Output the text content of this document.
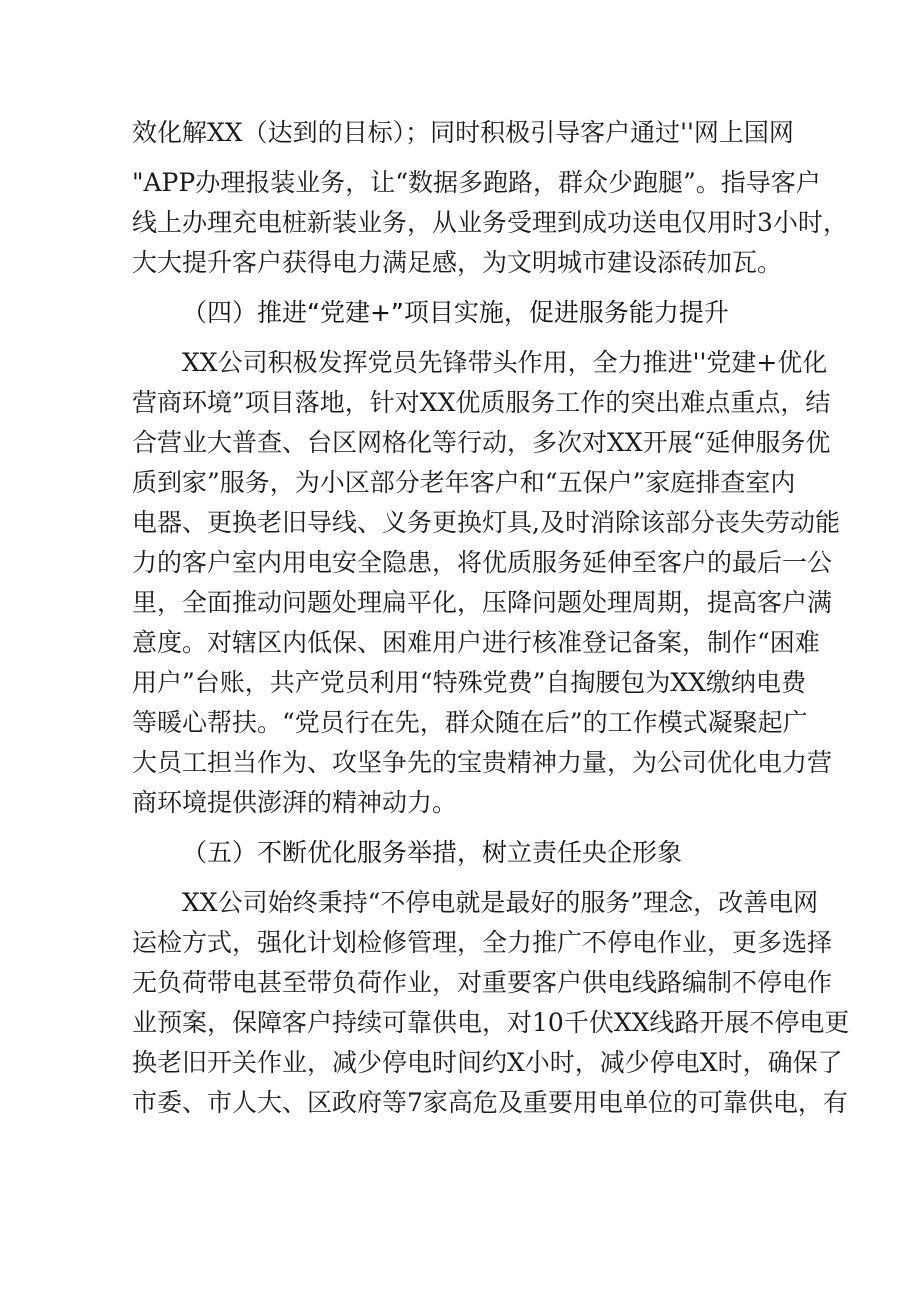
效化解XX（达到的目标）；同时积极引导客户通过''网上国网
"APP办理报装业务，让“数据多跑路，群众少跑腿”。指导客户
线上办理充电桩新装业务，从业务受理到成功送电仅用时3小时，
大大提升客户获得电力满足感，为文明城市建设添砖加瓦。
（四）推进“党建+”项目实施，促进服务能力提升
XX公司积极发挥党员先锋带头作用，全力推进''党建+优化
营商环境”项目落地，针对XX优质服务工作的突出难点重点，结
合营业大普查、台区网格化等行动，多次对XX开展“延伸服务优
质到家”服务，为小区部分老年客户和“五保户”家庭排查室内
电器、更换老旧导线、义务更换灯具,及时消除该部分丧失劳动能
力的客户室内用电安全隐患，将优质服务延伸至客户的最后一公
里，全面推动问题处理扁平化，压降问题处理周期，提高客户满
意度。对辖区内低保、困难用户进行核准登记备案，制作“困难
用户”台账，共产党员利用“特殊党费”自掏腰包为XX缴纳电费
等暖心帮扶。“党员行在先，群众随在后”的工作模式凝聚起广
大员工担当作为、攻坚争先的宝贵精神力量，为公司优化电力营
商环境提供澎湃的精神动力。
（五）不断优化服务举措，树立责任央企形象
XX公司始终秉持“不停电就是最好的服务”理念，改善电网
运检方式，强化计划检修管理，全力推广不停电作业，更多选择
无负荷带电甚至带负荷作业，对重要客户供电线路编制不停电作
业预案，保障客户持续可靠供电，对10千伏XX线路开展不停电更
换老旧开关作业，减少停电时间约X小时，减少停电X时，确保了
市委、市人大、区政府等7家高危及重要用电单位的可靠供电，有
